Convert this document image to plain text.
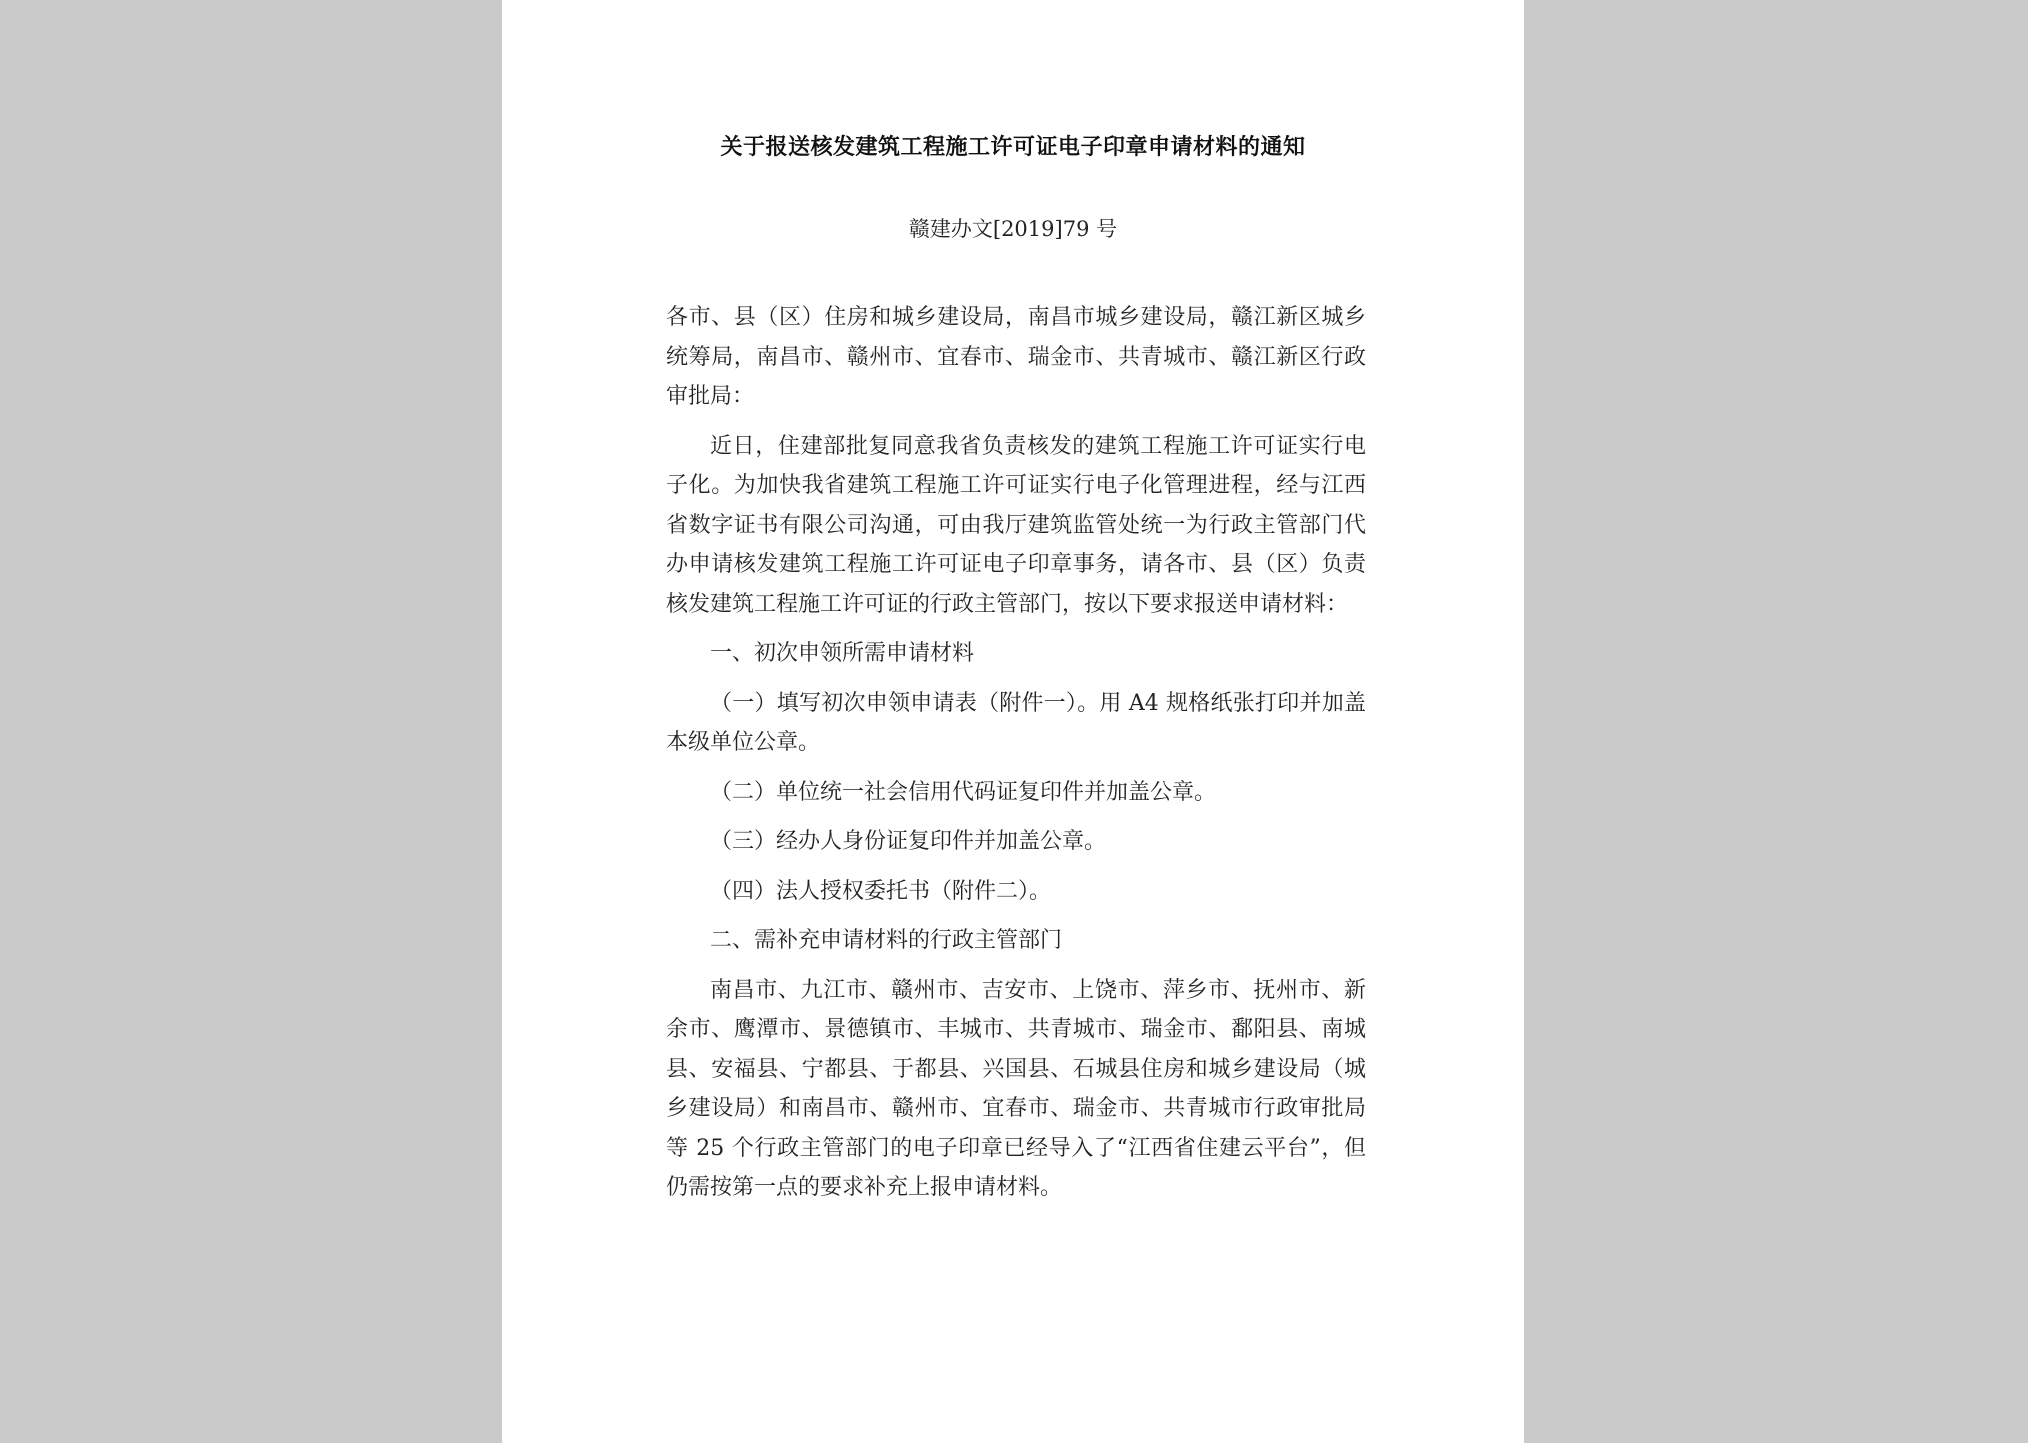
关于报送核发建筑工程施工许可证电子印章申请材料的通知
赣建办文[2019]79 号

各市、县（区）住房和城乡建设局，南昌市城乡建设局，赣江新区城乡统筹局，南昌市、赣州市、宜春市、瑞金市、共青城市、赣江新区行政审批局：

近日，住建部批复同意我省负责核发的建筑工程施工许可证实行电子化。为加快我省建筑工程施工许可证实行电子化管理进程，经与江西省数字证书有限公司沟通，可由我厅建筑监管处统一为行政主管部门代办申请核发建筑工程施工许可证电子印章事务，请各市、县（区）负责核发建筑工程施工许可证的行政主管部门，按以下要求报送申请材料：

一、初次申领所需申请材料

（一）填写初次申领申请表（附件一）。用 A4 规格纸张打印并加盖本级单位公章。

（二）单位统一社会信用代码证复印件并加盖公章。

（三）经办人身份证复印件并加盖公章。

（四）法人授权委托书（附件二）。

二、需补充申请材料的行政主管部门

南昌市、九江市、赣州市、吉安市、上饶市、萍乡市、抚州市、新余市、鹰潭市、景德镇市、丰城市、共青城市、瑞金市、鄱阳县、南城县、安福县、宁都县、于都县、兴国县、石城县住房和城乡建设局（城乡建设局）和南昌市、赣州市、宜春市、瑞金市、共青城市行政审批局等 25 个行政主管部门的电子印章已经导入了“江西省住建云平台”，但仍需按第一点的要求补充上报申请材料。
